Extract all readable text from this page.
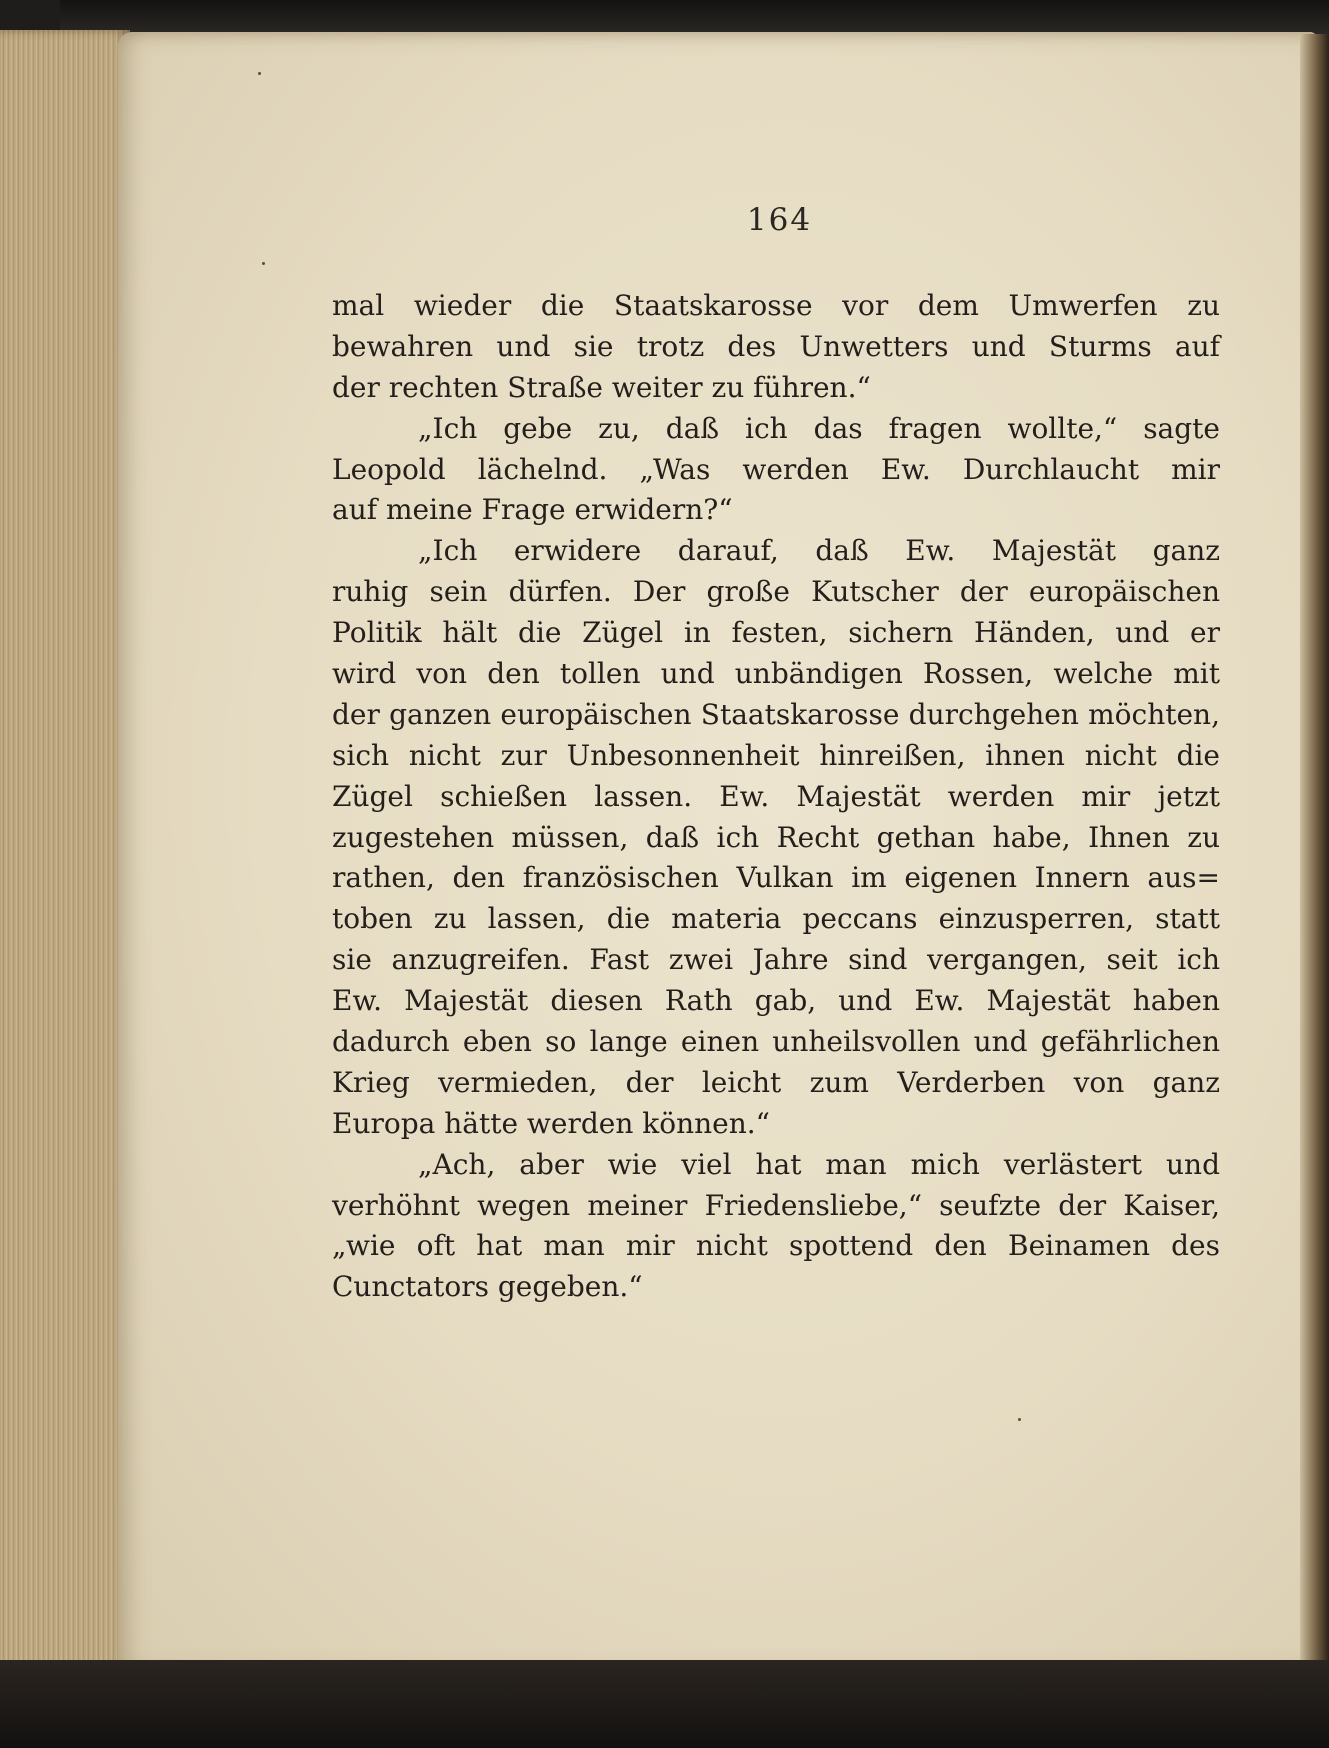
164
mal wieder die Staatskarosse vor dem Umwerfen zu
bewahren und sie trotz des Unwetters und Sturms auf
der rechten Straße weiter zu führen.“
„Ich gebe zu, daß ich das fragen wollte,“ sagte
Leopold lächelnd. „Was werden Ew. Durchlaucht mir
auf meine Frage erwidern?“
„Ich erwidere darauf, daß Ew. Majestät ganz
ruhig sein dürfen. Der große Kutscher der europäischen
Politik hält die Zügel in festen, sichern Händen, und er
wird von den tollen und unbändigen Rossen, welche mit
der ganzen europäischen Staatskarosse durchgehen möchten,
sich nicht zur Unbesonnenheit hinreißen, ihnen nicht die
Zügel schießen lassen. Ew. Majestät werden mir jetzt
zugestehen müssen, daß ich Recht gethan habe, Ihnen zu
rathen, den französischen Vulkan im eigenen Innern aus=
toben zu lassen, die materia peccans einzusperren, statt
sie anzugreifen. Fast zwei Jahre sind vergangen, seit ich
Ew. Majestät diesen Rath gab, und Ew. Majestät haben
dadurch eben so lange einen unheilsvollen und gefährlichen
Krieg vermieden, der leicht zum Verderben von ganz
Europa hätte werden können.“
„Ach, aber wie viel hat man mich verlästert und
verhöhnt wegen meiner Friedensliebe,“ seufzte der Kaiser,
„wie oft hat man mir nicht spottend den Beinamen des
Cunctators gegeben.“
